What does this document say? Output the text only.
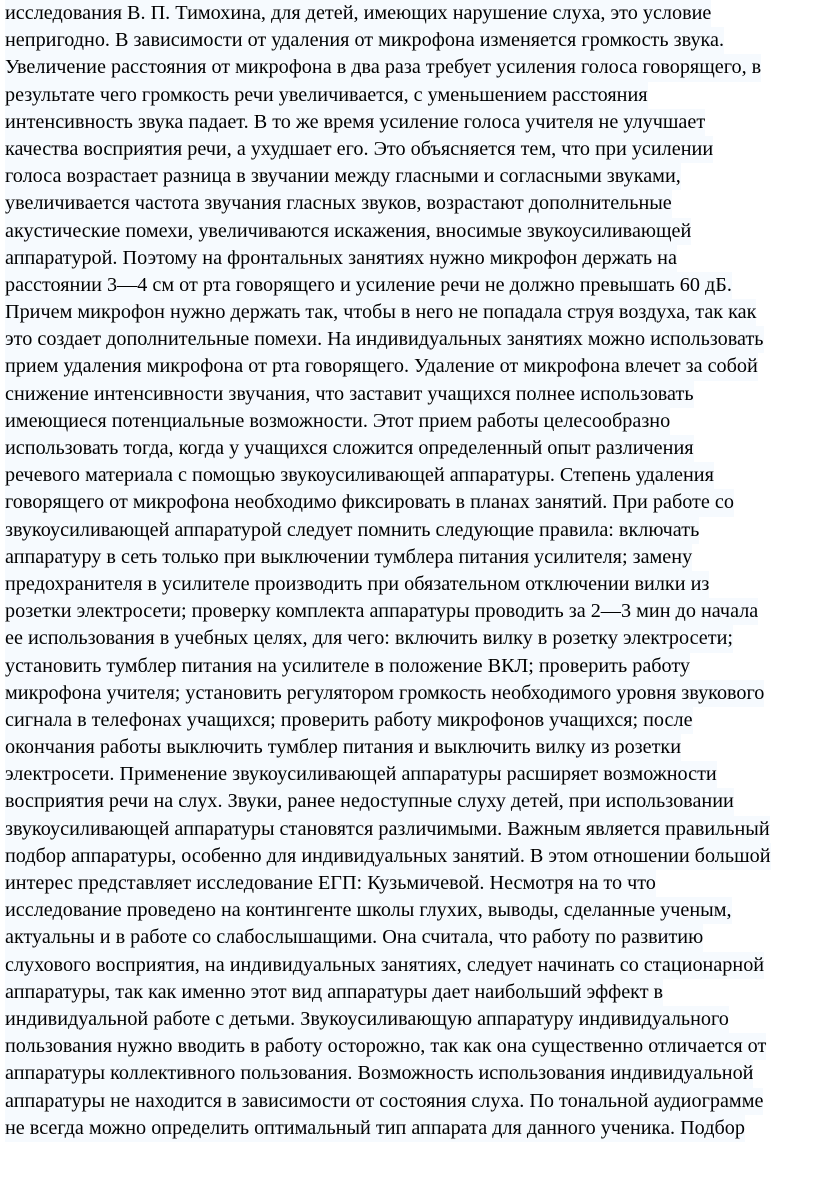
исследования В. П. Тимохина, для детей, имеющих нарушение слуха, это условие
непригодно. В зависимости от удаления от микрофона изменяется громкость звука.
Увеличение расстояния от микрофона в два раза требует усиления голоса говорящего, в
результате чего громкость речи увеличивается, с уменьшением расстояния
интенсивность звука падает. В то же время усиление голоса учителя не улучшает
качества восприятия речи, а ухудшает его. Это объясняется тем, что при усилении
голоса возрастает разница в звучании между гласными и согласными звуками,
увеличивается частота звучания гласных звуков, возрастают дополнительные
акустические помехи, увеличиваются искажения, вносимые звукоусиливающей
аппаратурой. Поэтому на фронтальных занятиях нужно микрофон держать на
расстоянии 3—4 см от рта говорящего и усиление речи не должно превышать 60 дБ.
Причем микрофон нужно держать так, чтобы в него не попадала струя воздуха, так как
это создает дополнительные помехи. На индивидуальных занятиях можно использовать
прием удаления микрофона от рта говорящего. Удаление от микрофона влечет за собой
снижение интенсивности звучания, что заставит учащихся полнее использовать
имеющиеся потенциальные возможности. Этот прием работы целесообразно
использовать тогда, когда у учащихся сложится определенный опыт различения
речевого материала с помощью звукоусиливающей аппаратуры. Степень удаления
говорящего от микрофона необходимо фиксировать в планах занятий. При работе со
звукоусиливающей аппаратурой следует помнить следующие правила: включать
аппаратуру в сеть только при выключении тумблера питания усилителя; замену
предохранителя в усилителе производить при обязательном отключении вилки из
розетки электросети; проверку комплекта аппаратуры проводить за 2—3 мин до начала
ее использования в учебных целях, для чего: включить вилку в розетку электросети;
установить тумблер питания на усилителе в положение ВКЛ; проверить работу
микрофона учителя; установить регулятором громкость необходимого уровня звукового
сигнала в телефонах учащихся; проверить работу микрофонов учащихся; после
окончания работы выключить тумблер питания и выключить вилку из розетки
электросети. Применение звукоусиливающей аппаратуры расширяет возможности
восприятия речи на слух. Звуки, ранее недоступные слуху детей, при использовании
звукоусиливающей аппаратуры становятся различимыми. Важным является правильный
подбор аппаратуры, особенно для индивидуальных занятий. В этом отношении большой
интерес представляет исследование ЕГП: Кузьмичевой. Несмотря на то что
исследование проведено на контингенте школы глухих, выводы, сделанные ученым,
актуальны и в работе со слабослышащими. Она считала, что работу по развитию
слухового восприятия, на индивидуальных занятиях, следует начинать со стационарной
аппаратуры, так как именно этот вид аппаратуры дает наибольший эффект в
индивидуальной работе с детьми. Звукоусиливающую аппаратуру индивидуального
пользования нужно вводить в работу осторожно, так как она существенно отличается от
аппаратуры коллективного пользования. Возможность использования индивидуальной
аппаратуры не находится в зависимости от состояния слуха. По тональной аудиограмме
не всегда можно определить оптимальный тип аппарата для данного ученика. Подбор
